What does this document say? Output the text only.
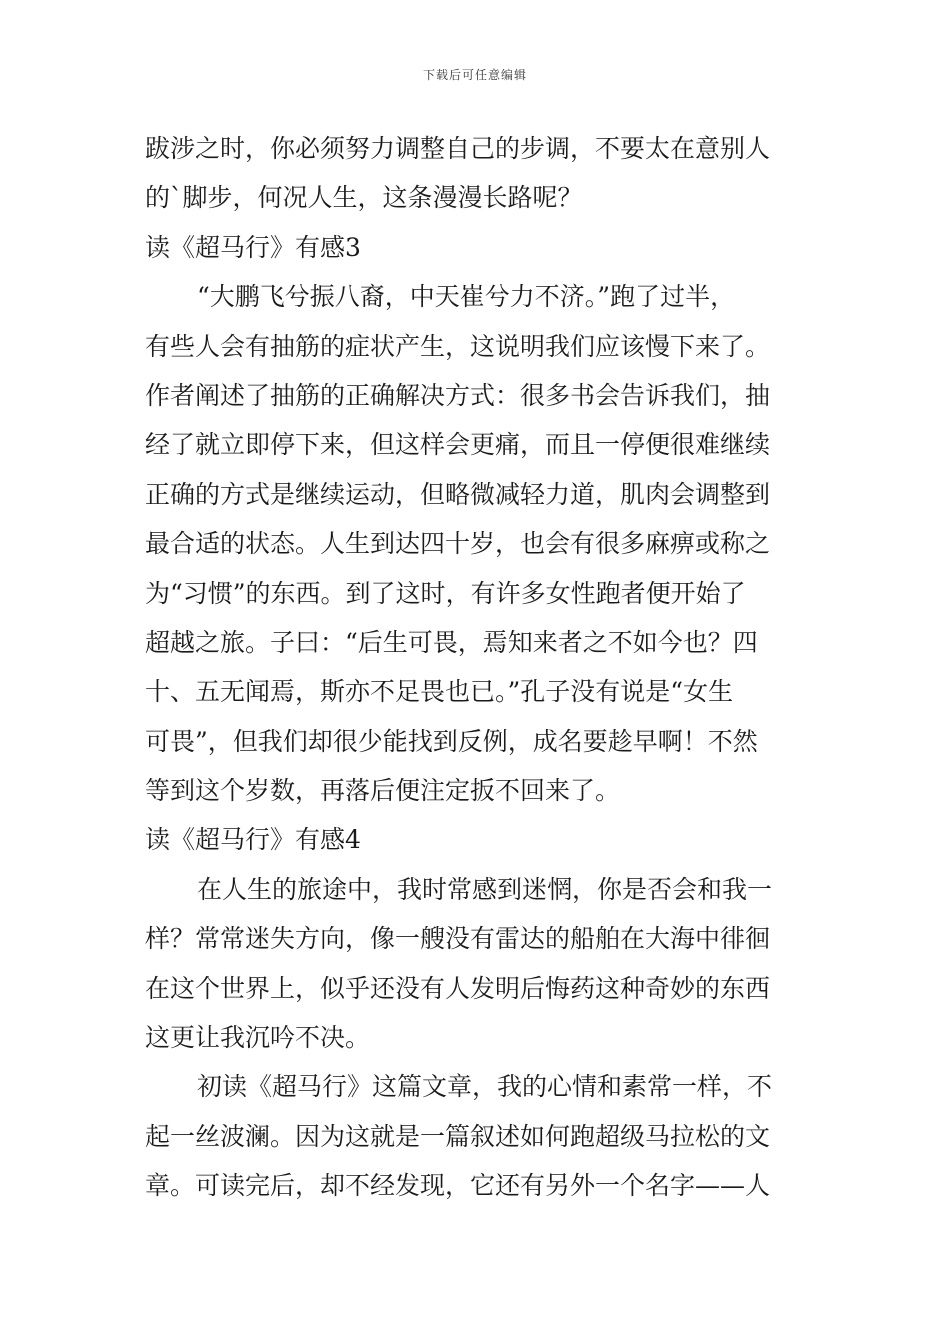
下载后可任意编辑
跋涉之时，你必须努力调整自己的步调，不要太在意别人
的`脚步，何况人生，这条漫漫长路呢？
读《超马行》有感3
“大鹏飞兮振八裔，中天崔兮力不济。”跑了过半，
有些人会有抽筋的症状产生，这说明我们应该慢下来了。
作者阐述了抽筋的正确解决方式：很多书会告诉我们，抽
经了就立即停下来，但这样会更痛，而且一停便很难继续
正确的方式是继续运动，但略微减轻力道，肌肉会调整到
最合适的状态。人生到达四十岁，也会有很多麻痹或称之
为“习惯”的东西。到了这时，有许多女性跑者便开始了
超越之旅。子曰：“后生可畏，焉知来者之不如今也？四
十、五无闻焉，斯亦不足畏也已。”孔子没有说是“女生
可畏”，但我们却很少能找到反例，成名要趁早啊！不然
等到这个岁数，再落后便注定扳不回来了。
读《超马行》有感4
在人生的旅途中，我时常感到迷惘，你是否会和我一
样？常常迷失方向，像一艘没有雷达的船舶在大海中徘徊
在这个世界上，似乎还没有人发明后悔药这种奇妙的东西
这更让我沉吟不决。
初读《超马行》这篇文章，我的心情和素常一样，不
起一丝波澜。因为这就是一篇叙述如何跑超级马拉松的文
章。可读完后，却不经发现，它还有另外一个名字——人
